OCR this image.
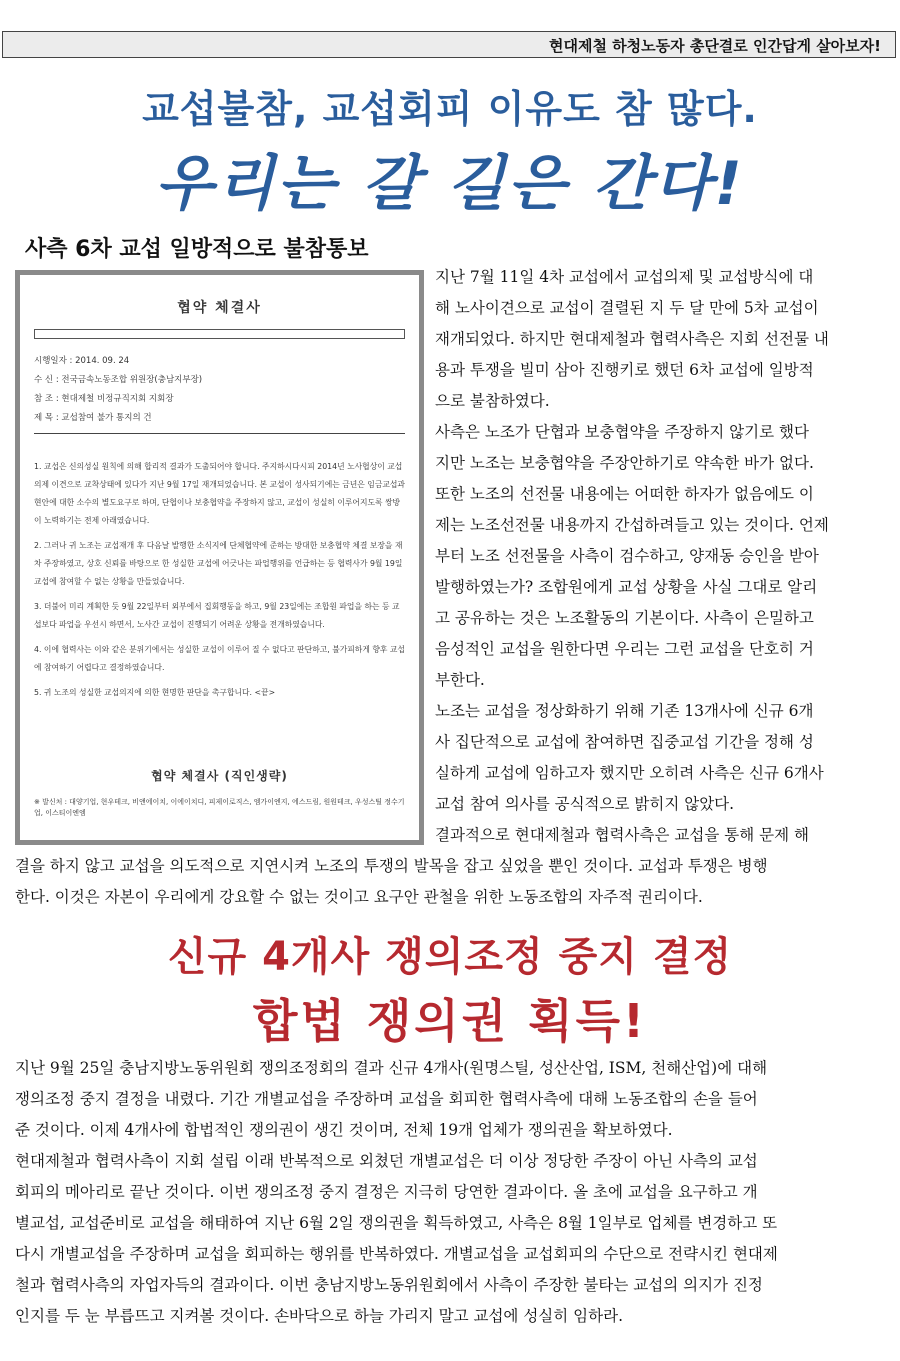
현대제철 하청노동자 총단결로 인간답게 살아보자!
교섭불참, 교섭회피 이유도 참 많다.
우리는 갈 길은 간다!
사측 6차 교섭 일방적으로 불참통보
협약 체결사
시행일자 : 2014. 09. 24
수 신 : 전국금속노동조합 위원장(충남지부장)
참 조 : 현대제철 비정규직지회 지회장
제 목 : 교섭참여 불가 통지의 건

1. 교섭은 신의성실 원칙에 의해 합리적 결과가 도출되어야 합니다. 주지하시다시피 2014년 노사협상이 교섭의제 이견으로 교착상태에 있다가 지난 9월 17일 재개되었습니다. 본 교섭이 성사되기에는 금년은 임금교섭과 현안에 대한 소수의 별도요구로 하며, 단협이나 보충협약을 주장하지 않고, 교섭이 성실히 이루어지도록 쌍방이 노력하기는 전제 아래였습니다.

2. 그러나 귀 노조는 교섭재개 후 다음날 발행한 소식지에 단체협약에 준하는 방대한 보충협약 체결 보장을 재차 주장하였고, 상호 신뢰를 바탕으로 한 성실한 교섭에 어긋나는 파업행위를 언급하는 등 협력사가 9월 19일 교섭에 참여할 수 없는 상황을 만들었습니다.

3. 더불어 미리 계획한 듯 9월 22일부터 외부에서 집회행동을 하고, 9월 23일에는 조합원 파업을 하는 등 교섭보다 파업을 우선시 하면서, 노사간 교섭이 진행되기 어려운 상황을 전개하였습니다.

4. 이에 협력사는 이와 같은 분위기에서는 성실한 교섭이 이루어 질 수 없다고 판단하고, 불가피하게 향후 교섭에 참여하기 어렵다고 결정하였습니다.

5. 귀 노조의 성실한 교섭의지에 의한 현명한 판단을 촉구합니다. <끝>

협약 체결사 (직인생략)
※ 발신처 : 대양기업, 현우테크, 비앤에이치, 이에이치디, 피제이로직스, 엠가이엔지, 에스드림, 원원테크, 우성스틸 정수기업, 이스티이엔엠
지난 7월 11일 4차 교섭에서 교섭의제 및 교섭방식에 대
해 노사이견으로 교섭이 결렬된 지 두 달 만에 5차 교섭이
재개되었다. 하지만 현대제철과 협력사측은 지회 선전물 내
용과 투쟁을 빌미 삼아 진행키로 했던 6차 교섭에 일방적
으로 불참하였다.
사측은 노조가 단협과 보충협약을 주장하지 않기로 했다
지만 노조는 보충협약을 주장안하기로 약속한 바가 없다.
또한 노조의 선전물 내용에는 어떠한 하자가 없음에도 이
제는 노조선전물 내용까지 간섭하려들고 있는 것이다. 언제
부터 노조 선전물을 사측이 검수하고, 양재동 승인을 받아
발행하였는가? 조합원에게 교섭 상황을 사실 그대로 알리
고 공유하는 것은 노조활동의 기본이다. 사측이 은밀하고
음성적인 교섭을 원한다면 우리는 그런 교섭을 단호히 거
부한다.
노조는 교섭을 정상화하기 위해 기존 13개사에 신규 6개
사 집단적으로 교섭에 참여하면 집중교섭 기간을 정해 성
실하게 교섭에 임하고자 했지만 오히려 사측은 신규 6개사
교섭 참여 의사를 공식적으로 밝히지 않았다.
결과적으로 현대제철과 협력사측은 교섭을 통해 문제 해
결을 하지 않고 교섭을 의도적으로 지연시켜 노조의 투쟁의 발목을 잡고 싶었을 뿐인 것이다. 교섭과 투쟁은 병행
한다. 이것은 자본이 우리에게 강요할 수 없는 것이고 요구안 관철을 위한 노동조합의 자주적 권리이다.
신규 4개사 쟁의조정 중지 결정
합법 쟁의권 획득!
지난 9월 25일 충남지방노동위원회 쟁의조정회의 결과 신규 4개사(원명스틸, 성산산업, ISM, 천해산업)에 대해
쟁의조정 중지 결정을 내렸다. 기간 개별교섭을 주장하며 교섭을 회피한 협력사측에 대해 노동조합의 손을 들어
준 것이다. 이제 4개사에 합법적인 쟁의권이 생긴 것이며, 전체 19개 업체가 쟁의권을 확보하였다.
현대제철과 협력사측이 지회 설립 이래 반복적으로 외쳤던 개별교섭은 더 이상 정당한 주장이 아닌 사측의 교섭
회피의 메아리로 끝난 것이다. 이번 쟁의조정 중지 결정은 지극히 당연한 결과이다. 올 초에 교섭을 요구하고 개
별교섭, 교섭준비로 교섭을 해태하여 지난 6월 2일 쟁의권을 획득하였고, 사측은 8월 1일부로 업체를 변경하고 또
다시 개별교섭을 주장하며 교섭을 회피하는 행위를 반복하였다. 개별교섭을 교섭회피의 수단으로 전략시킨 현대제
철과 협력사측의 자업자득의 결과이다. 이번 충남지방노동위원회에서 사측이 주장한 불타는 교섭의 의지가 진정
인지를 두 눈 부릅뜨고 지켜볼 것이다. 손바닥으로 하늘 가리지 말고 교섭에 성실히 임하라.
